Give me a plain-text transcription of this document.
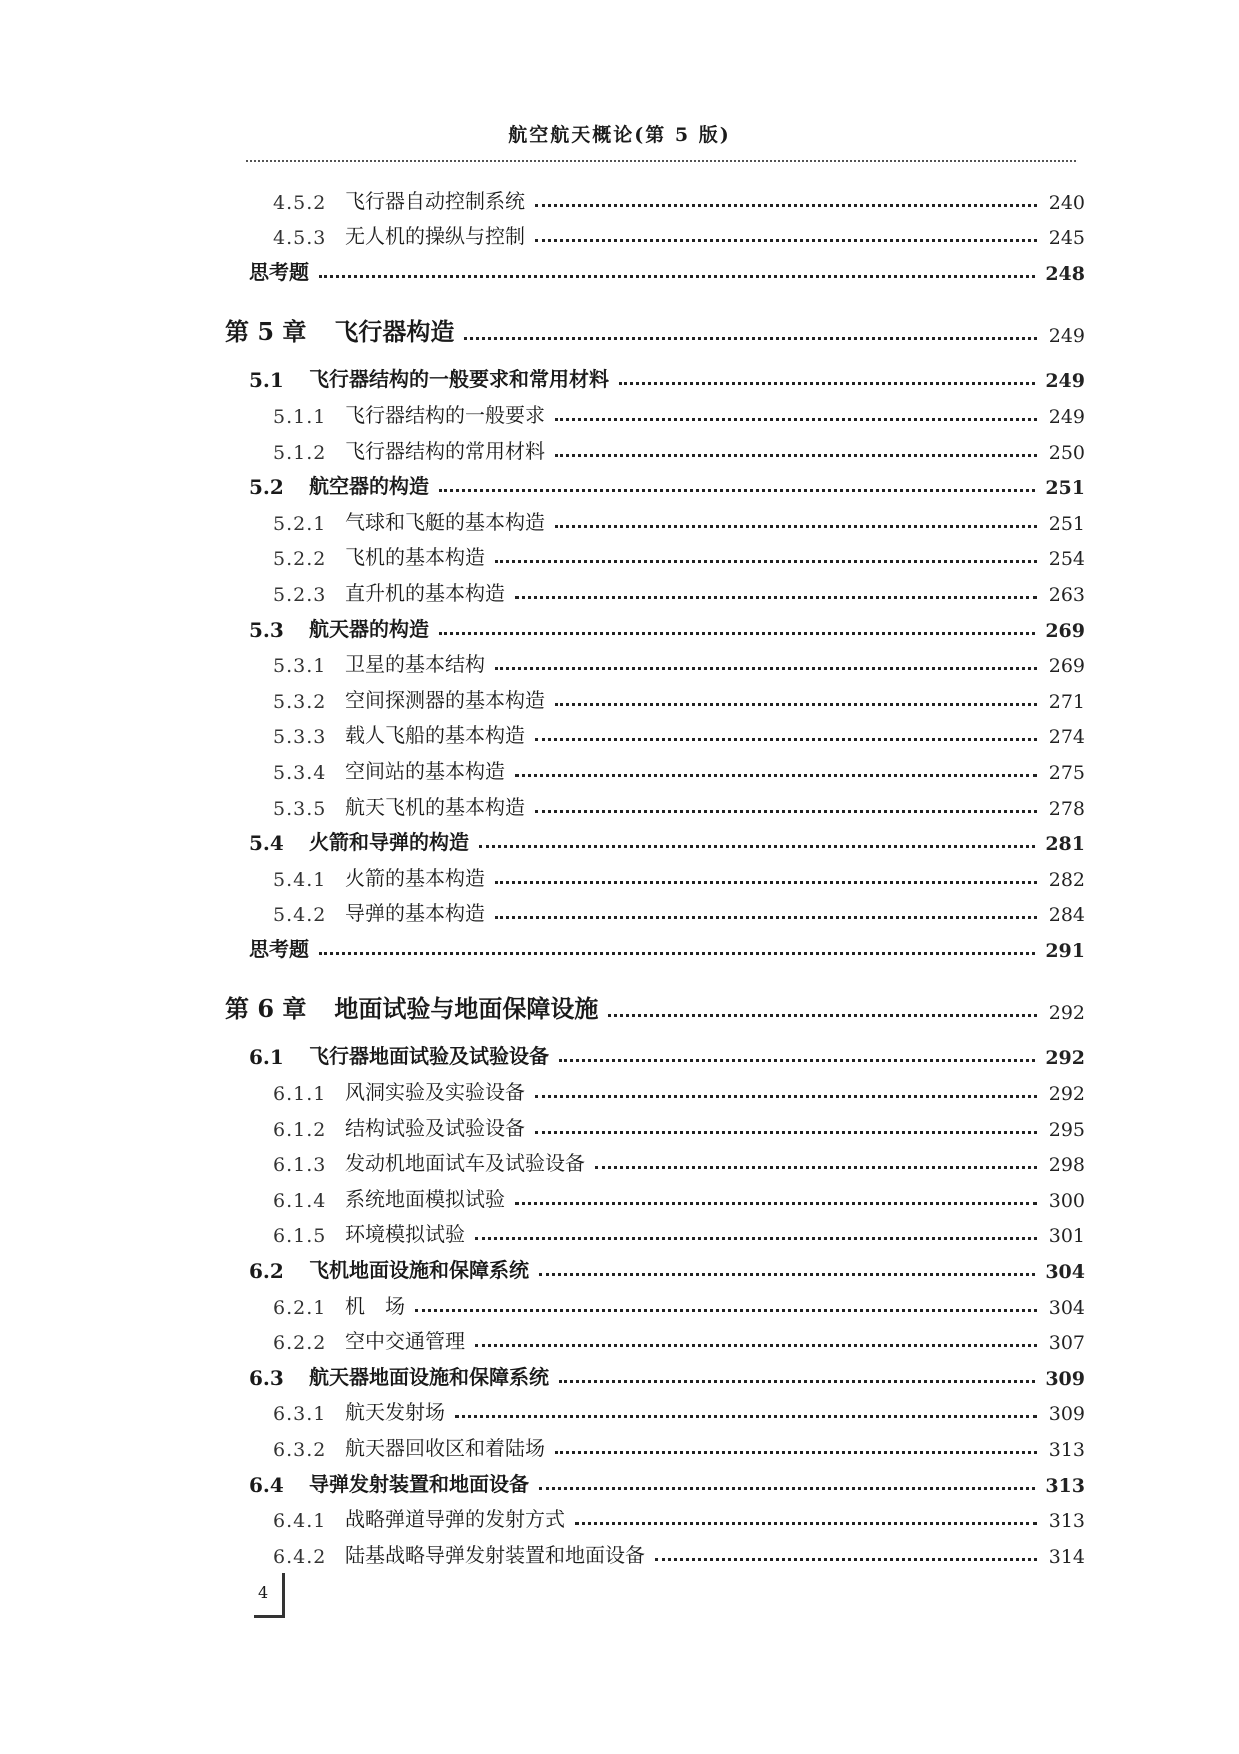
航空航天概论(第 5 版)
4.5.2 飞行器自动控制系统	240
4.5.3 无人机的操纵与控制	245
思考题	248
第 5 章	飞行器构造	249
5.1	飞行器结构的一般要求和常用材料	249
5.1.1 飞行器结构的一般要求	249
5.1.2 飞行器结构的常用材料	250
5.2	航空器的构造	251
5.2.1 气球和飞艇的基本构造	251
5.2.2 飞机的基本构造	254
5.2.3 直升机的基本构造	263
5.3	航天器的构造	269
5.3.1 卫星的基本结构	269
5.3.2 空间探测器的基本构造	271
5.3.3 载人飞船的基本构造	274
5.3.4 空间站的基本构造	275
5.3.5 航天飞机的基本构造	278
5.4	火箭和导弹的构造	281
5.4.1 火箭的基本构造	282
5.4.2 导弹的基本构造	284
思考题	291
第 6 章	地面试验与地面保障设施	292
6.1	飞行器地面试验及试验设备	292
6.1.1 风洞实验及实验设备	292
6.1.2 结构试验及试验设备	295
6.1.3 发动机地面试车及试验设备	298
6.1.4 系统地面模拟试验	300
6.1.5 环境模拟试验	301
6.2	飞机地面设施和保障系统	304
6.2.1 机　场	304
6.2.2 空中交通管理	307
6.3	航天器地面设施和保障系统	309
6.3.1 航天发射场	309
6.3.2 航天器回收区和着陆场	313
6.4	导弹发射装置和地面设备	313
6.4.1 战略弹道导弹的发射方式	313
6.4.2 陆基战略导弹发射装置和地面设备	314
4
